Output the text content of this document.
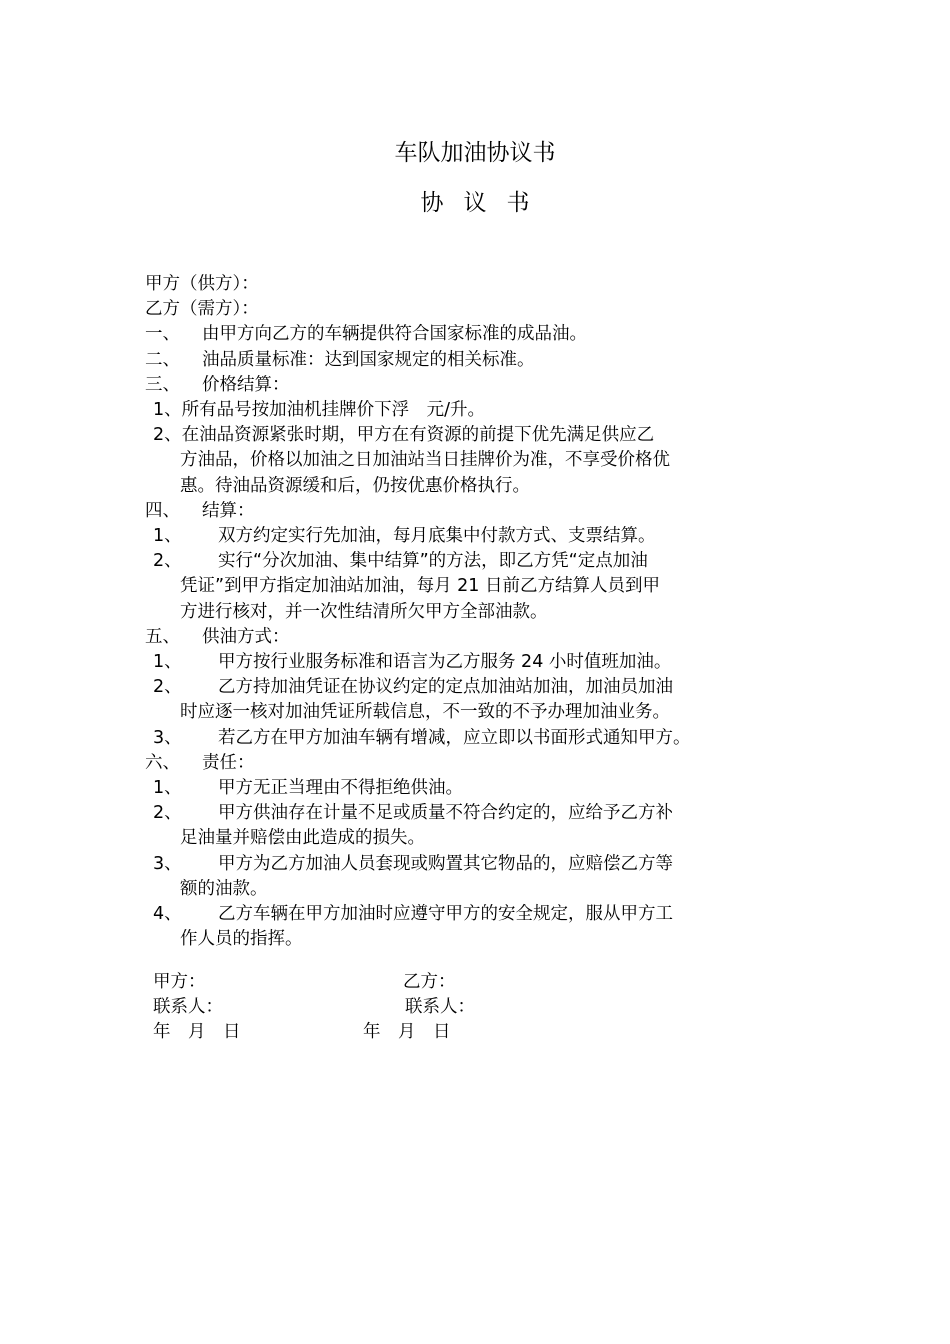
车队加油协议书
协议书
甲方（供方）：
乙方（需方）：
一、	由甲方向乙方的车辆提供符合国家标准的成品油。
二、	油品质量标准：达到国家规定的相关标准。
三、	价格结算：
1、 所有品号按加油机挂牌价下浮　元/升。
2、 在油品资源紧张时期，甲方在有资源的前提下优先满足供应乙
方油品，价格以加油之日加油站当日挂牌价为准，不享受价格优
惠。待油品资源缓和后，仍按优惠价格执行。
四、	结算：
1、	双方约定实行先加油，每月底集中付款方式、支票结算。
2、	实行“分次加油、集中结算”的方法，即乙方凭“定点加油
凭证”到甲方指定加油站加油，每月 21 日前乙方结算人员到甲
方进行核对，并一次性结清所欠甲方全部油款。
五、	供油方式：
1、	甲方按行业服务标准和语言为乙方服务 24 小时值班加油。
2、	乙方持加油凭证在协议约定的定点加油站加油，加油员加油
时应逐一核对加油凭证所载信息，不一致的不予办理加油业务。
3、	若乙方在甲方加油车辆有增减，应立即以书面形式通知甲方。
六、	责任：
1、	甲方无正当理由不得拒绝供油。
2、	甲方供油存在计量不足或质量不符合约定的，应给予乙方补
足油量并赔偿由此造成的损失。
3、	甲方为乙方加油人员套现或购置其它物品的，应赔偿乙方等
额的油款。
4、	乙方车辆在甲方加油时应遵守甲方的安全规定，服从甲方工
作人员的指挥。
甲方：	乙方：
联系人：	联系人：
年　月　日	年　月　日
